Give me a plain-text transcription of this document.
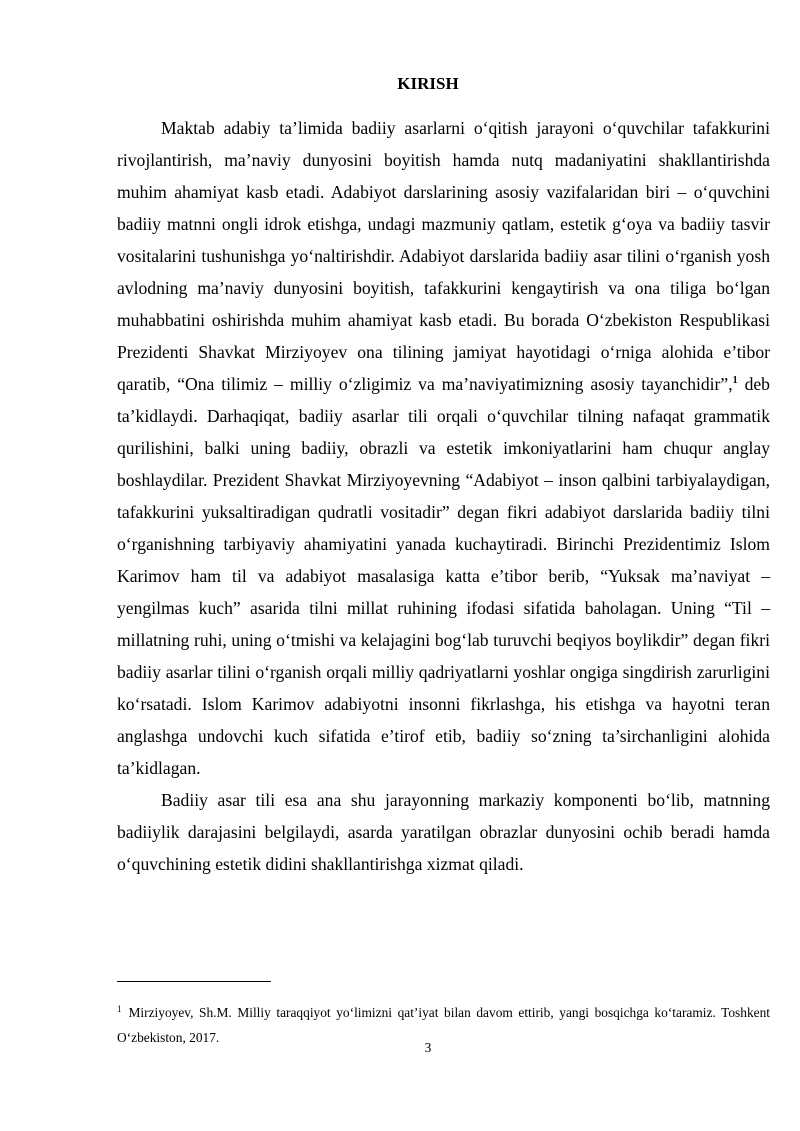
KIRISH

Maktab adabiy ta’limida badiiy asarlarni o‘qitish jarayoni o‘quvchilar tafakkurini rivojlantirish, ma’naviy dunyosini boyitish hamda nutq madaniyatini shakllantirishda muhim ahamiyat kasb etadi. Adabiyot darslarining asosiy vazifalaridan biri – o‘quvchini badiiy matnni ongli idrok etishga, undagi mazmuniy qatlam, estetik g‘oya va badiiy tasvir vositalarini tushunishga yo‘naltirishdir. Adabiyot darslarida badiiy asar tilini o‘rganish yosh avlodning ma’naviy dunyosini boyitish, tafakkurini kengaytirish va ona tiliga bo‘lgan muhabbatini oshirishda muhim ahamiyat kasb etadi. Bu borada O‘zbekiston Respublikasi Prezidenti Shavkat Mirziyoyev ona tilining jamiyat hayotidagi o‘rniga alohida e’tibor qaratib, “Ona tilimiz – milliy o‘zligimiz va ma’naviyatimizning asosiy tayanchidir”,$^1$ deb ta’kidlaydi. Darhaqiqat, badiiy asarlar tili orqali o‘quvchilar tilning nafaqat grammatik qurilishini, balki uning badiiy, obrazli va estetik imkoniyatlarini ham chuqur anglay boshlaydilar. Prezident Shavkat Mirziyoyevning “Adabiyot – inson qalbini tarbiyalaydigan, tafakkurini yuksaltiradigan qudratli vositadir” degan fikri adabiyot darslarida badiiy tilni o‘rganishning tarbiyaviy ahamiyatini yanada kuchaytiradi. Birinchi Prezidentimiz Islom Karimov ham til va adabiyot masalasiga katta e’tibor berib, “Yuksak ma’naviyat – yengilmas kuch” asarida tilni millat ruhining ifodasi sifatida baholagan. Uning “Til – millatning ruhi, uning o‘tmishi va kelajagini bog‘lab turuvchi beqiyos boylikdir” degan fikri badiiy asarlar tilini o‘rganish orqali milliy qadriyatlarni yoshlar ongiga singdirish zarurligini ko‘rsatadi. Islom Karimov adabiyotni insonni fikrlashga, his etishga va hayotni teran anglashga undovchi kuch sifatida e’tirof etib, badiiy so‘zning ta’sirchanligini alohida ta’kidlagan.

Badiiy asar tili esa ana shu jarayonning markaziy komponenti bo‘lib, matnning badiiylik darajasini belgilaydi, asarda yaratilgan obrazlar dunyosini ochib beradi hamda o‘quvchining estetik didini shakllantirishga xizmat qiladi.

$^1$ Mirziyoyev, Sh.M. Milliy taraqqiyot yo‘limizni qat’iyat bilan davom ettirib, yangi bosqichga ko‘taramiz. Toshkent O‘zbekiston, 2017.

3
